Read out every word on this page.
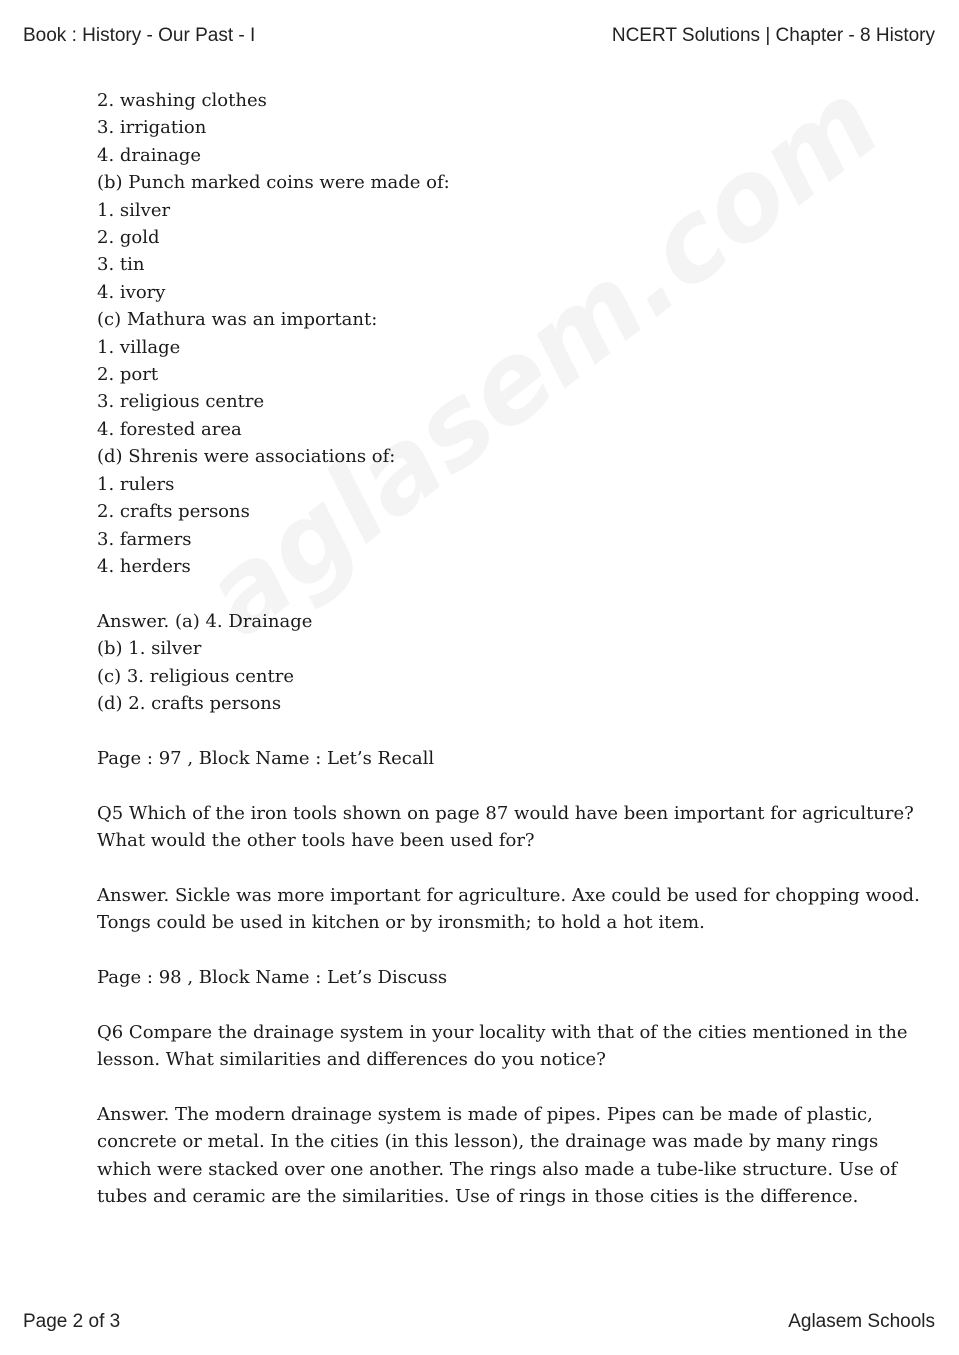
Book : History - Our Past - I	NCERT Solutions | Chapter - 8 History

2. washing clothes

3. irrigation

4. drainage

(b) Punch marked coins were made of:

1. silver

2. gold

3. tin

4. ivory

(c) Mathura was an important:

1. village

2. port

3. religious centre

4. forested area

(d) Shrenis were associations of:

1. rulers

2. crafts persons

3. farmers

4. herders

Answer. (a) 4. Drainage

(b) 1. silver

(c) 3. religious centre

(d) 2. crafts persons

Page : 97 , Block Name : Let’s Recall

Q5 Which of the iron tools shown on page 87 would have been important for agriculture?

What would the other tools have been used for?

Answer. Sickle was more important for agriculture. Axe could be used for chopping wood.

Tongs could be used in kitchen or by ironsmith; to hold a hot item.

Page : 98 , Block Name : Let’s Discuss

Q6 Compare the drainage system in your locality with that of the cities mentioned in the

lesson. What similarities and differences do you notice?

Answer. The modern drainage system is made of pipes. Pipes can be made of plastic,

concrete or metal. In the cities (in this lesson), the drainage was made by many rings

which were stacked over one another. The rings also made a tube-like structure. Use of

tubes and ceramic are the similarities. Use of rings in those cities is the difference.

Page 2 of 3	Aglasem Schools
